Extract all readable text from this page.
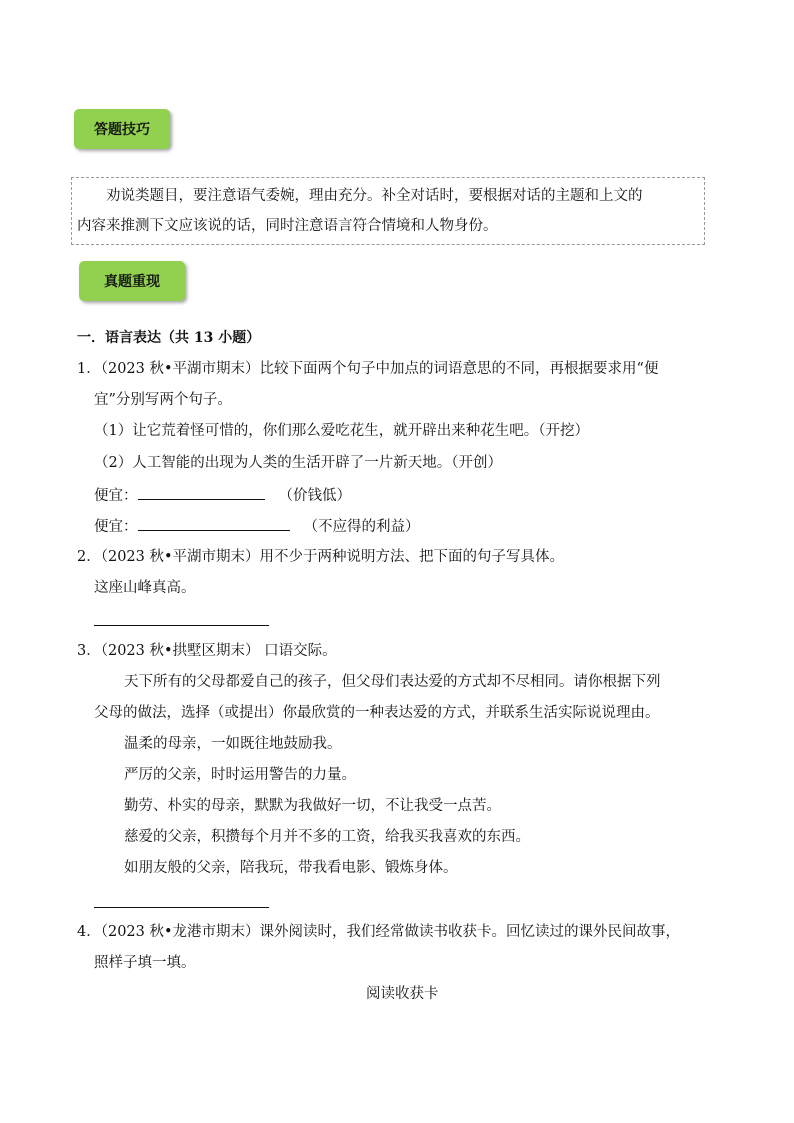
答题技巧
劝说类题目，要注意语气委婉，理由充分。补全对话时，要根据对话的主题和上文的
内容来推测下文应该说的话，同时注意语言符合情境和人物身份。
真题重现
一．语言表达（共 13 小题）
1．（2023 秋•平湖市期末）比较下面两个句子中加点的词语意思的不同，再根据要求用“便
宜”分别写两个句子。
（1）让它荒着怪可惜的，你们那么爱吃花生，就开辟出来种花生吧。（开挖）
（2）人工智能的出现为人类的生活开辟了一片新天地。（开创）
便宜：	（价钱低）
便宜：	（不应得的利益）
2．（2023 秋•平湖市期末）用不少于两种说明方法、把下面的句子写具体。
这座山峰真高。
3．（2023 秋•拱墅区期末） 口语交际。
天下所有的父母都爱自己的孩子，但父母们表达爱的方式却不尽相同。请你根据下列
父母的做法，选择（或提出）你最欣赏的一种表达爱的方式，并联系生活实际说说理由。
温柔的母亲，一如既往地鼓励我。
严厉的父亲，时时运用警告的力量。
勤劳、朴实的母亲，默默为我做好一切，不让我受一点苦。
慈爱的父亲，积攒每个月并不多的工资，给我买我喜欢的东西。
如朋友般的父亲，陪我玩，带我看电影、锻炼身体。
4．（2023 秋•龙港市期末）课外阅读时，我们经常做读书收获卡。回忆读过的课外民间故事，
照样子填一填。
阅读收获卡
